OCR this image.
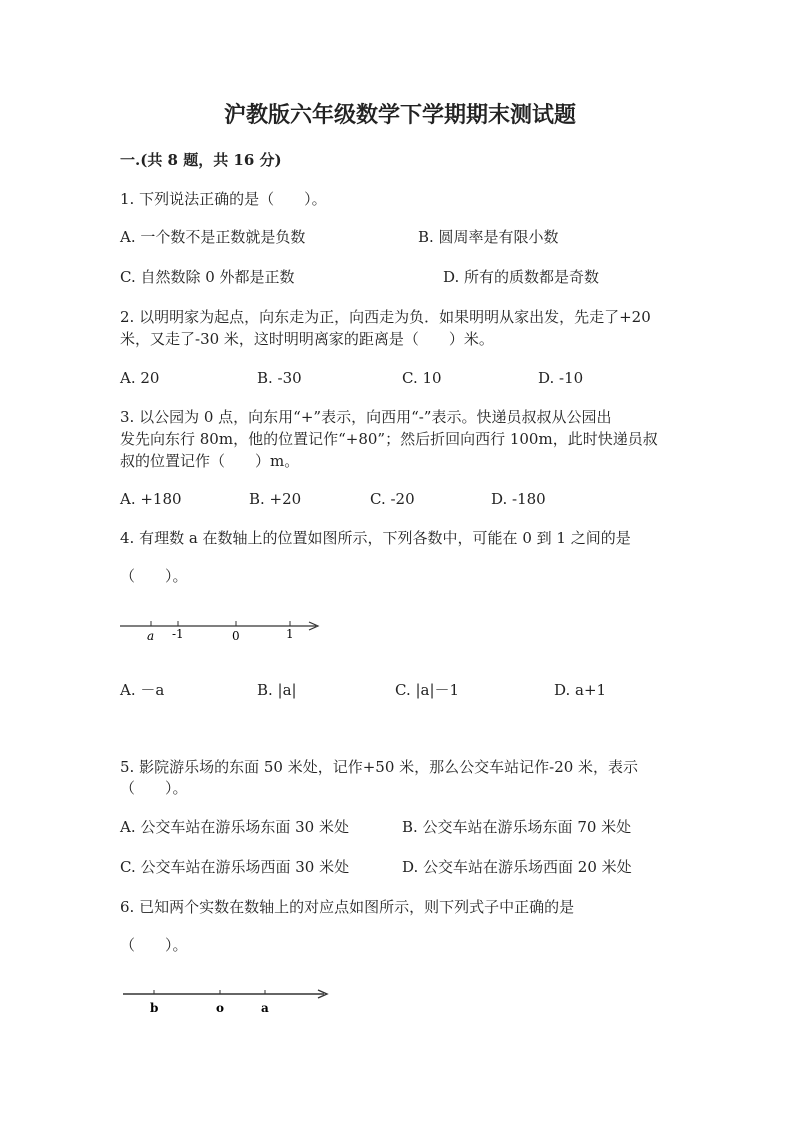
沪教版六年级数学下学期期末测试题
一.(共 8 题，共 16 分)
1. 下列说法正确的是（　　）。
A. 一个数不是正数就是负数	B. 圆周率是有限小数
C. 自然数除 0 外都是正数	D. 所有的质数都是奇数
2. 以明明家为起点，向东走为正，向西走为负．如果明明从家出发，先走了+20
米，又走了-30 米，这时明明离家的距离是（　　）米。
A. 20	B. -30	C. 10	D. -10
3. 以公园为 0 点，向东用“+”表示，向西用“-”表示。快递员叔叔从公园出
发先向东行 80m，他的位置记作“+80”；然后折回向西行 100m，此时快递员叔
叔的位置记作（　　）m。
A. +180	B. +20	C. -20	D. -180
4. 有理数 a 在数轴上的位置如图所示，下列各数中，可能在 0 到 1 之间的是
（　　）。
a -1	0	1
A. －a	B. |a|	C. |a|－1	D. a+1
5. 影院游乐场的东面 50 米处，记作+50 米，那么公交车站记作-20 米，表示
（　　）。
A. 公交车站在游乐场东面 30 米处	B. 公交车站在游乐场东面 70 米处
C. 公交车站在游乐场西面 30 米处	D. 公交车站在游乐场西面 20 米处
6. 已知两个实数在数轴上的对应点如图所示，则下列式子中正确的是
（　　）。
b	o	a
